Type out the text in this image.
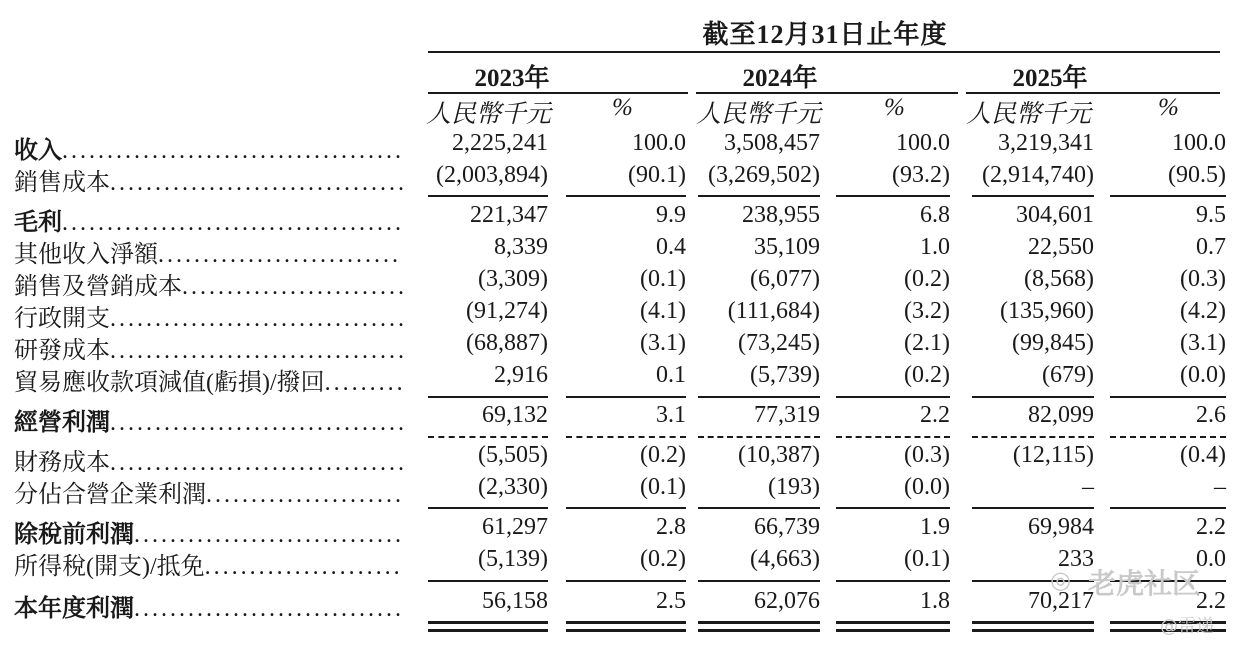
截至12月31日止年度
2023年	2024年	2025年
人民幣千元 %	人民幣千元	% 人民幣千元	%
收入...................................... 2,225,241	100.0 3,508,457	100.0 3,219,341	100.0
銷售成本................................. (2,003,894)	(90.1) (3,269,502)	(93.2) (2,914,740)	(90.5)
毛利......................................	221,347	9.9 238,955	6.8	304,601	9.5
其他收入淨額...........................	8,339	0.4	35,109	1.0	22,550	0.7
銷售及營銷成本.........................	(3,309)	(0.1)	(6,077)	(0.2)	(8,568)	(0.3)
行政開支................................. (91,274)	(4.1) (111,684)	(3.2) (135,960)	(4.2)
研發成本................................. (68,887)	(3.1) (73,245)	(2.1)	(99,845)	(3.1)
貿易應收款項減值(虧損)/撥回.........	2,916	0.1	(5,739)	(0.2)	(679)	(0.0)
經營利潤.................................	69,132	3.1	77,319	2.2	82,099	2.6
財務成本.................................	(5,505)	(0.2) (10,387)	(0.3)	(12,115)	(0.4)
分佔合營企業利潤......................	(2,330)	(0.1)	(193)	(0.0)	–	–
除稅前利潤..............................	61,297	2.8	66,739	1.9	69,984	2.2
所得稅(開支)/抵免......................	(5,139)	(0.2)	(4,663)	(0.1)	233	0.0
本年度利潤..............................	56,158	2.5	62,076	1.8	70,217	2.2
◎ 老虎社区
@雷递
